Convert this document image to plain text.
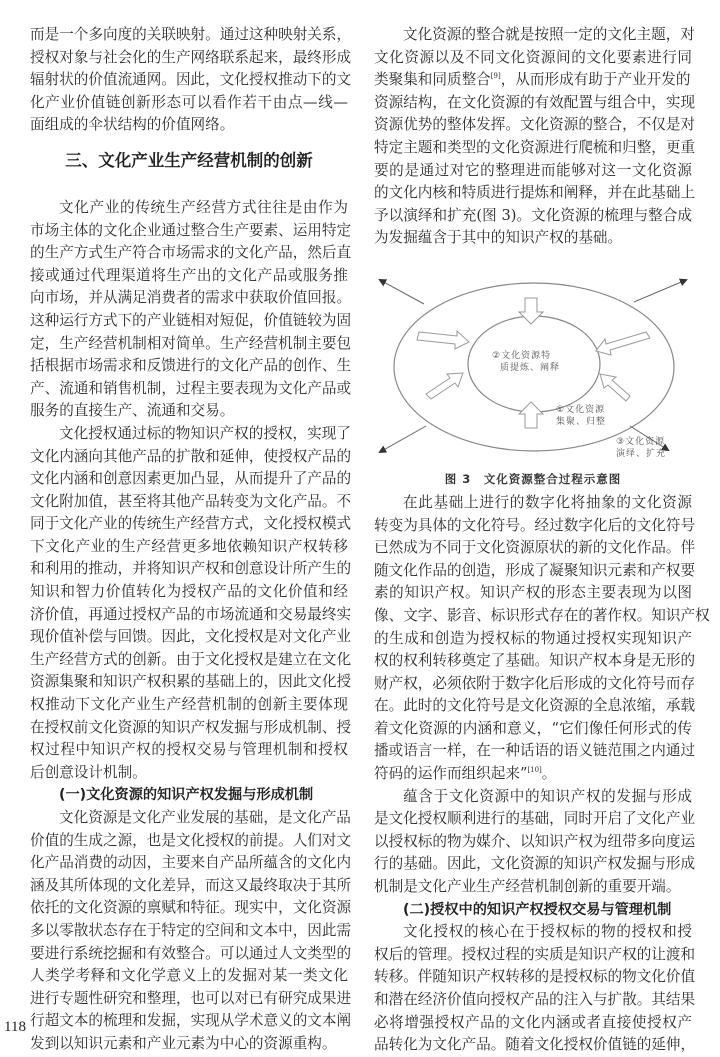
而是一个多向度的关联映射。通过这种映射关系，
授权对象与社会化的生产网络联系起来，最终形成
辐射状的价值流通网。因此，文化授权推动下的文
化产业价值链创新形态可以看作若干由点—线—
面组成的伞状结构的价值网络。
三、文化产业生产经营机制的创新
文化产业的传统生产经营方式往往是由作为
市场主体的文化企业通过整合生产要素、运用特定
的生产方式生产符合市场需求的文化产品，然后直
接或通过代理渠道将生产出的文化产品或服务推
向市场，并从满足消费者的需求中获取价值回报。
这种运行方式下的产业链相对短促，价值链较为固
定，生产经营机制相对简单。生产经营机制主要包
括根据市场需求和反馈进行的文化产品的创作、生
产、流通和销售机制，过程主要表现为文化产品或
服务的直接生产、流通和交易。
文化授权通过标的物知识产权的授权，实现了
文化内涵向其他产品的扩散和延伸，使授权产品的
文化内涵和创意因素更加凸显，从而提升了产品的
文化附加值，甚至将其他产品转变为文化产品。不
同于文化产业的传统生产经营方式，文化授权模式
下文化产业的生产经营更多地依赖知识产权转移
和利用的推动，并将知识产权和创意设计所产生的
知识和智力价值转化为授权产品的文化价值和经
济价值，再通过授权产品的市场流通和交易最终实
现价值补偿与回馈。因此，文化授权是对文化产业
生产经营方式的创新。由于文化授权是建立在文化
资源集聚和知识产权积累的基础上的，因此文化授
权推动下文化产业生产经营机制的创新主要体现
在授权前文化资源的知识产权发掘与形成机制、授
权过程中知识产权的授权交易与管理机制和授权
后创意设计机制。
(一)文化资源的知识产权发掘与形成机制
文化资源是文化产业发展的基础，是文化产品
价值的生成之源，也是文化授权的前提。人们对文
化产品消费的动因，主要来自产品所蕴含的文化内
涵及其所体现的文化差异，而这又最终取决于其所
依托的文化资源的禀赋和特征。现实中，文化资源
多以零散状态存在于特定的空间和文本中，因此需
要进行系统挖掘和有效整合。可以通过人文类型的
人类学考释和文化学意义上的发掘对某一类文化
进行专题性研究和整理，也可以对已有研究成果进
行超文本的梳理和发掘，实现从学术意义的文本阐
发到以知识元素和产业元素为中心的资源重构。
文化资源的整合就是按照一定的文化主题，对
文化资源以及不同文化资源间的文化要素进行同
类聚集和同质整合[9]，从而形成有助于产业开发的
资源结构，在文化资源的有效配置与组合中，实现
资源优势的整体发挥。文化资源的整合，不仅是对
特定主题和类型的文化资源进行爬梳和归整，更重
要的是通过对它的整理进而能够对这一文化资源
的文化内核和特质进行提炼和阐释，并在此基础上
予以演绎和扩充(图 3)。文化资源的梳理与整合成
为发掘蕴含于其中的知识产权的基础。
②文化资源特
质提炼、阐释
①文化资源
集聚、归整
③文化资源
演绎、扩充
图 3　文化资源整合过程示意图
在此基础上进行的数字化将抽象的文化资源
转变为具体的文化符号。经过数字化后的文化符号
已然成为不同于文化资源原状的新的文化作品。伴
随文化作品的创造，形成了凝聚知识元素和产权要
素的知识产权。知识产权的形态主要表现为以图
像、文字、影音、标识形式存在的著作权。知识产权
的生成和创造为授权标的物通过授权实现知识产
权的权利转移奠定了基础。知识产权本身是无形的
财产权，必须依附于数字化后形成的文化符号而存
在。此时的文化符号是文化资源的全息浓缩，承载
着文化资源的内涵和意义，“它们像任何形式的传
播或语言一样，在一种话语的语义链范围之内通过
符码的运作而组织起来”[10]。
蕴含于文化资源中的知识产权的发掘与形成
是文化授权顺利进行的基础，同时开启了文化产业
以授权标的物为媒介、以知识产权为纽带多向度运
行的基础。因此，文化资源的知识产权发掘与形成
机制是文化产业生产经营机制创新的重要开端。
(二)授权中的知识产权授权交易与管理机制
文化授权的核心在于授权标的物的授权和授
权后的管理。授权过程的实质是知识产权的让渡和
转移。伴随知识产权转移的是授权标的物文化价值
和潜在经济价值向授权产品的注入与扩散。其结果
必将增强授权产品的文化内涵或者直接使授权产
品转化为文化产品。随着文化授权价值链的延伸，
118
